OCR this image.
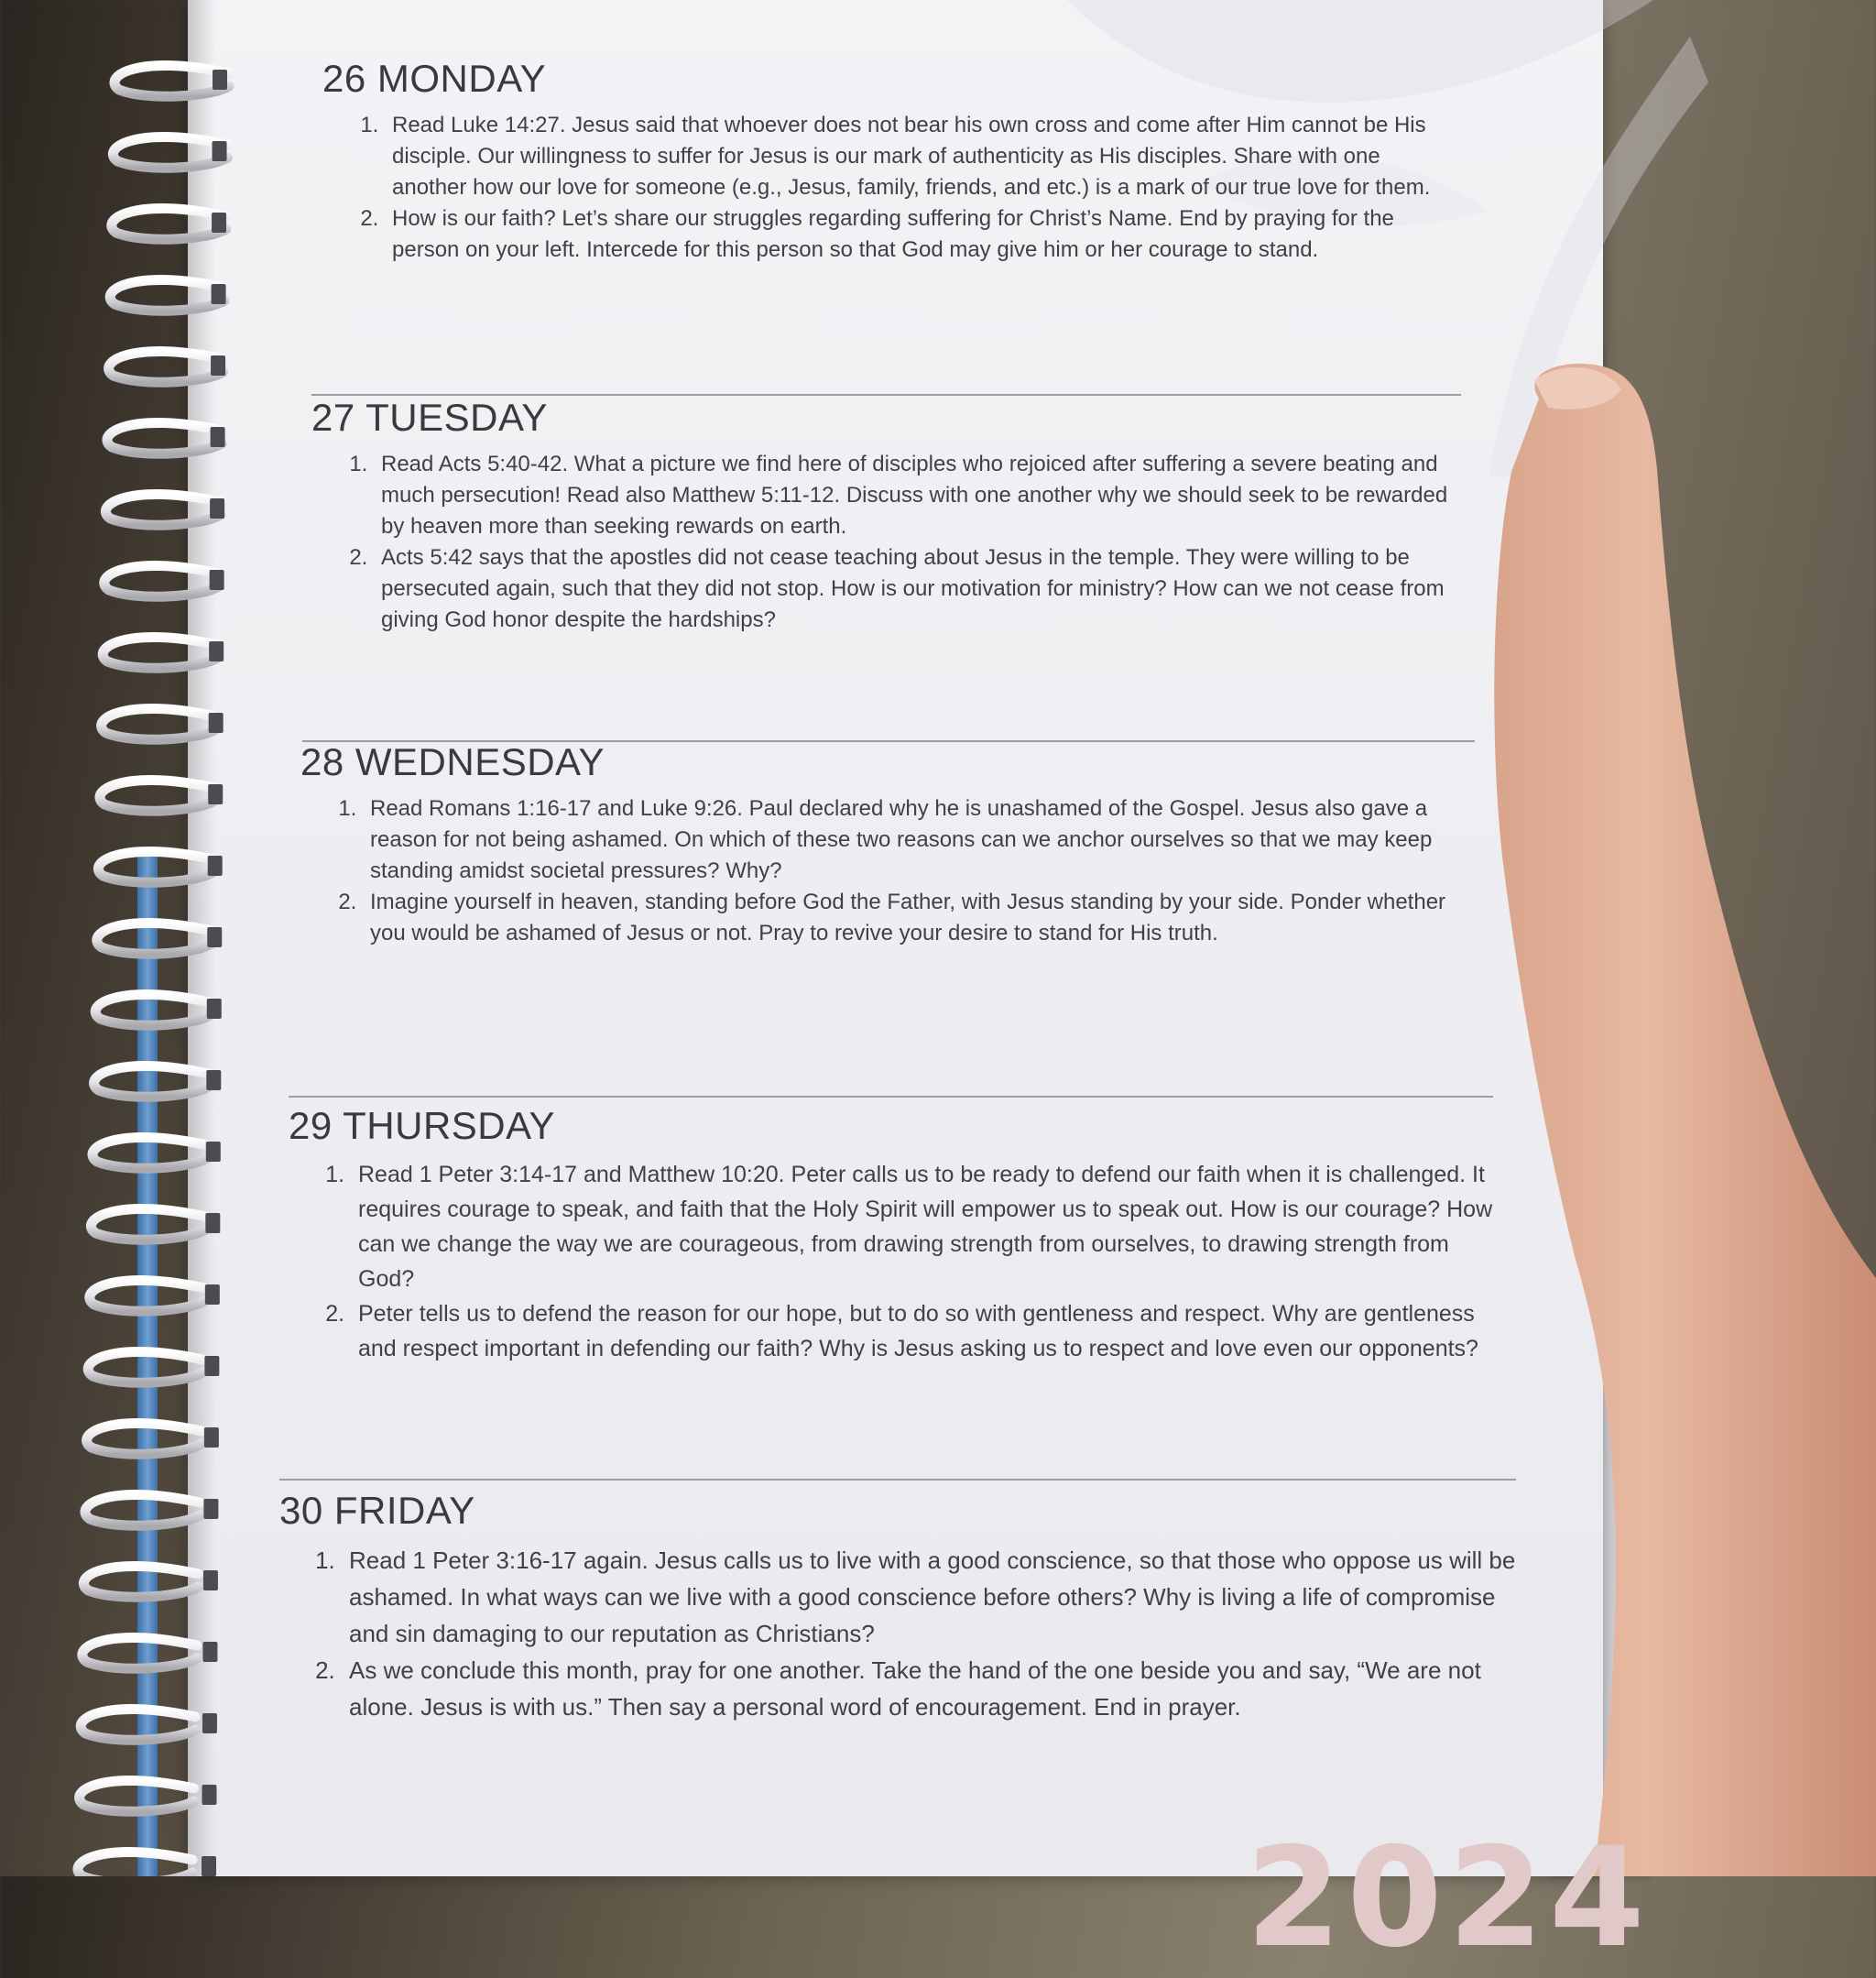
2024
26 MONDAY
1. Read Luke 14:27. Jesus said that whoever does not bear his own cross and come after Him cannot be His disciple. Our willingness to suffer for Jesus is our mark of authenticity as His disciples. Share with one another how our love for someone (e.g., Jesus, family, friends, and etc.) is a mark of our true love for them.
2. How is our faith? Let’s share our struggles regarding suffering for Christ’s Name. End by praying for the person on your left. Intercede for this person so that God may give him or her courage to stand.
27 TUESDAY
1. Read Acts 5:40-42. What a picture we find here of disciples who rejoiced after suffering a severe beating and much persecution! Read also Matthew 5:11-12. Discuss with one another why we should seek to be rewarded by heaven more than seeking rewards on earth.
2. Acts 5:42 says that the apostles did not cease teaching about Jesus in the temple. They were willing to be persecuted again, such that they did not stop. How is our motivation for ministry? How can we not cease from giving God honor despite the hardships?
28 WEDNESDAY
1. Read Romans 1:16-17 and Luke 9:26. Paul declared why he is unashamed of the Gospel. Jesus also gave a reason for not being ashamed. On which of these two reasons can we anchor ourselves so that we may keep standing amidst societal pressures? Why?
2. Imagine yourself in heaven, standing before God the Father, with Jesus standing by your side. Ponder whether you would be ashamed of Jesus or not. Pray to revive your desire to stand for His truth.
29 THURSDAY
1. Read 1 Peter 3:14-17 and Matthew 10:20. Peter calls us to be ready to defend our faith when it is challenged. It requires courage to speak, and faith that the Holy Spirit will empower us to speak out. How is our courage? How can we change the way we are courageous, from drawing strength from ourselves, to drawing strength from God?
2. Peter tells us to defend the reason for our hope, but to do so with gentleness and respect. Why are gentleness and respect important in defending our faith? Why is Jesus asking us to respect and love even our opponents?
30 FRIDAY
1. Read 1 Peter 3:16-17 again. Jesus calls us to live with a good conscience, so that those who oppose us will be ashamed. In what ways can we live with a good conscience before others? Why is living a life of compromise and sin damaging to our reputation as Christians?
2. As we conclude this month, pray for one another. Take the hand of the one beside you and say, “We are not alone. Jesus is with us.” Then say a personal word of encouragement. End in prayer.
